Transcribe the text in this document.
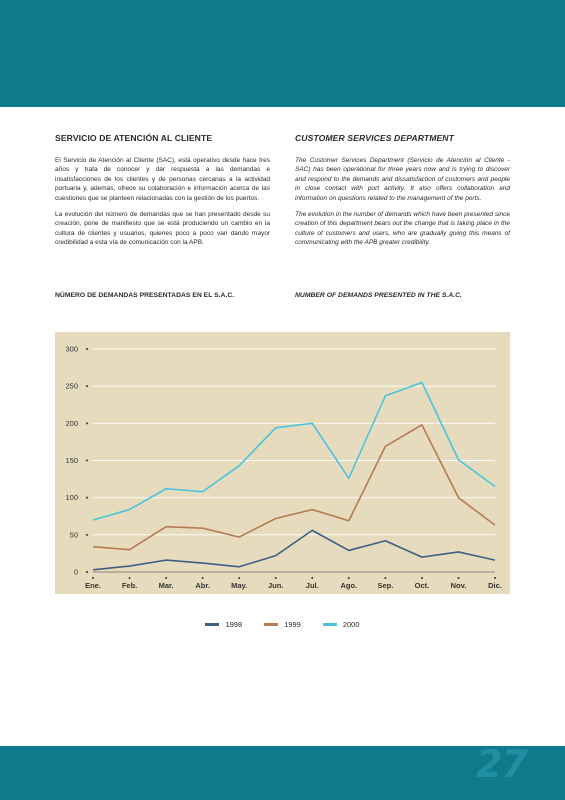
SERVICIO DE ATENCIÓN AL CLIENTE

El Servicio de Atención al Cliente (SAC), está operativo desde hace tres años y trata de conocer y dar respuesta a las demandas e insatisfacciones de los clientes y de personas cercanas a la actividad portuaria y, además, ofrece su colaboración e información acerca de las cuestiones que se planteen relacionadas con la gestión de los puertos.

La evolución del número de demandas que se han presentado desde su creación, pone de manifiesto que se está produciendo un cambio en la cultura de clientes y usuarios, quienes poco a poco van dando mayor credibilidad a esta vía de comunicación con la APB.

CUSTOMER SERVICES DEPARTMENT

The Customer Services Department (Servicio de Atención al Cliente - SAC) has been operational for three years now and is trying to discover and respond to the demands and dissatisfaction of customers and people in close contact with port activity. It also offers collaboration and information on questions related to the management of the ports.

The evolution in the number of demands which have been presented since creation of this department bears out the change that is taking place in the culture of customers and users, who are gradually giving this means of communicating with the APB greater credibility.

NÚMERO DE DEMANDAS PRESENTADAS EN EL S.A.C.	NUMBER OF DEMANDS PRESENTED IN THE S.A.C.
0
50
100
150
200
250
300
Ene.	Feb.	Mar.	Abr.	May.	Jun.	Jul.	Ago.	Sep.	Oct.	Nov.	Dic.
1998	1999	2000
27
